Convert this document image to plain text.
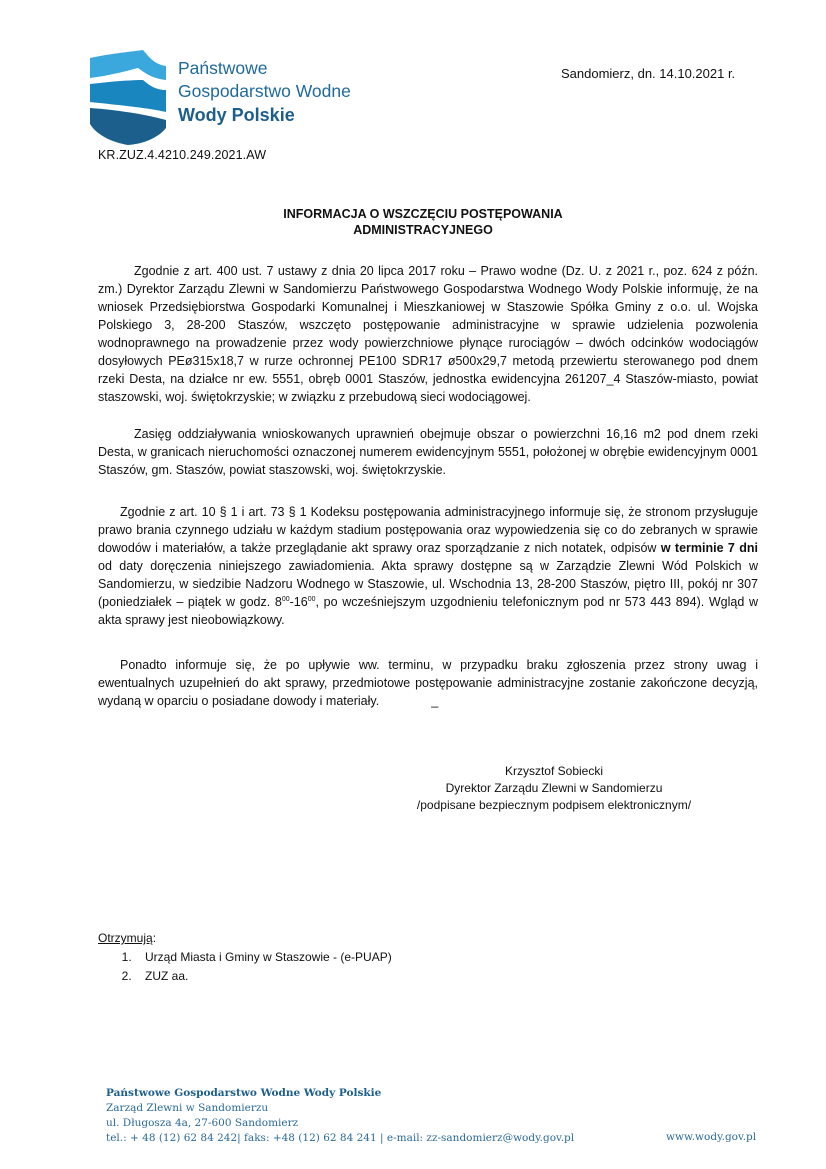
Państwowe
Gospodarstwo Wodne
Wody Polskie
Sandomierz, dn. 14.10.2021 r.
KR.ZUZ.4.4210.249.2021.AW
INFORMACJA O WSZCZĘCIU POSTĘPOWANIA
ADMINISTRACYJNEGO

Zgodnie z art. 400 ust. 7 ustawy z dnia 20 lipca 2017 roku – Prawo wodne (Dz. U. z 2021 r., poz. 624 z późn. zm.) Dyrektor Zarządu Zlewni w Sandomierzu Państwowego Gospodarstwa Wodnego Wody Polskie informuję, że na wniosek Przedsiębiorstwa Gospodarki Komunalnej i Mieszkaniowej w Staszowie Spółka Gminy z o.o. ul. Wojska Polskiego 3, 28-200 Staszów, wszczęto postępowanie administracyjne w sprawie udzielenia pozwolenia wodnoprawnego na prowadzenie przez wody powierzchniowe płynące rurociągów – dwóch odcinków wodociągów dosyłowych PEø315x18,7 w rurze ochronnej PE100 SDR17 ø500x29,7 metodą przewiertu sterowanego pod dnem rzeki Desta, na działce nr ew. 5551, obręb 0001 Staszów, jednostka ewidencyjna 261207_4 Staszów-miasto, powiat staszowski, woj. świętokrzyskie; w związku z przebudową sieci wodociągowej.

Zasięg oddziaływania wnioskowanych uprawnień obejmuje obszar o powierzchni 16,16 m2 pod dnem rzeki Desta, w granicach nieruchomości oznaczonej numerem ewidencyjnym 5551, położonej w obrębie ewidencyjnym 0001 Staszów, gm. Staszów, powiat staszowski, woj. świętokrzyskie.

Zgodnie z art. 10 § 1 i art. 73 § 1 Kodeksu postępowania administracyjnego informuje się, że stronom przysługuje prawo brania czynnego udziału w każdym stadium postępowania oraz wypowiedzenia się co do zebranych w sprawie dowodów i materiałów, a także przeglądanie akt sprawy oraz sporządzanie z nich notatek, odpisów w terminie 7 dni od daty doręczenia niniejszego zawiadomienia. Akta sprawy dostępne są w Zarządzie Zlewni Wód Polskich w Sandomierzu, w siedzibie Nadzoru Wodnego w Staszowie, ul. Wschodnia 13, 28-200 Staszów, piętro III, pokój nr 307 (poniedziałek – piątek w godz. $8^{00}-16^{00}$, po wcześniejszym uzgodnieniu telefonicznym pod nr 573 443 894). Wgląd w akta sprawy jest nieobowiązkowy.

Ponadto informuje się, że po upływie ww. terminu, w przypadku braku zgłoszenia przez strony uwag i ewentualnych uzupełnień do akt sprawy, przedmiotowe postępowanie administracyjne zostanie zakończone decyzją, wydaną w oparciu o posiadane dowody i materiały.	_

Krzysztof Sobiecki
Dyrektor Zarządu Zlewni w Sandomierzu
/podpisane bezpiecznym podpisem elektronicznym/
Otrzymują:
1. Urząd Miasta i Gminy w Staszowie - (e-PUAP)
2. ZUZ aa.
Państwowe Gospodarstwo Wodne Wody Polskie
Zarząd Zlewni w Sandomierzu
ul. Długosza 4a, 27-600 Sandomierz
tel.: + 48 (12) 62 84 242| faks: +48 (12) 62 84 241 | e-mail: zz-sandomierz@wody.gov.pl	www.wody.gov.pl
